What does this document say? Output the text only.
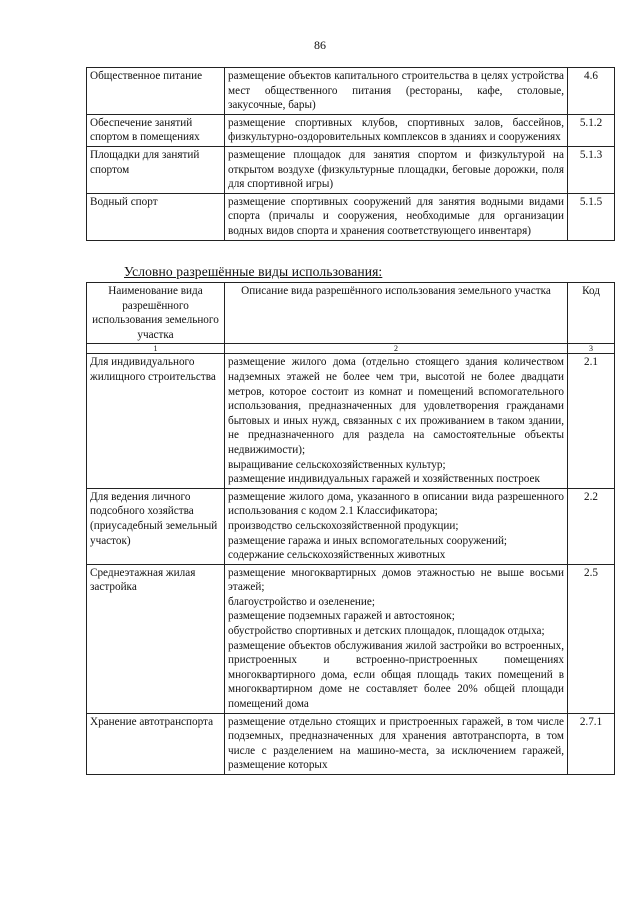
86
Общественное питание	размещение объектов капитального строительства в целях устройства мест общественного питания (рестораны, кафе, столовые, закусочные, бары)	4.6
Обеспечение занятий спортом в помещениях	размещение спортивных клубов, спортивных залов, бассейнов, физкультурно-оздоровительных комплексов в зданиях и сооружениях	5.1.2
Площадки для занятий спортом	размещение площадок для занятия спортом и физкультурой на открытом воздухе (физкультурные площадки, беговые дорожки, поля для спортивной игры)	5.1.3
Водный спорт	размещение спортивных сооружений для занятия водными видами спорта (причалы и сооружения, необходимые для организации водных видов спорта и хранения соответствующего инвентаря)	5.1.5
Условно разрешённые виды использования:
Наименование вида разрешённого использования земельного участка	Описание вида разрешённого использования земельного участка	Код
1	2	3
Для индивидуального жилищного строительства	размещение жилого дома (отдельно стоящего здания количеством надземных этажей не более чем три, высотой не более двадцати метров, которое состоит из комнат и помещений вспомогательного использования, предназначенных для удовлетворения гражданами бытовых и иных нужд, связанных с их проживанием в таком здании, не предназначенного для раздела на самостоятельные объекты недвижимости);
выращивание сельскохозяйственных культур;
размещение индивидуальных гаражей и хозяйственных построек	2.1
Для ведения личного подсобного хозяйства (приусадебный земельный участок)	размещение жилого дома, указанного в описании вида разрешенного использования с кодом 2.1 Классификатора;
производство сельскохозяйственной продукции;
размещение гаража и иных вспомогательных сооружений;
содержание сельскохозяйственных животных	2.2
Среднеэтажная жилая застройка	размещение многоквартирных домов этажностью не выше восьми этажей;
благоустройство и озеленение;
размещение подземных гаражей и автостоянок;
обустройство спортивных и детских площадок, площадок отдыха;
размещение объектов обслуживания жилой застройки во встроенных, пристроенных и встроенно-пристроенных помещениях многоквартирного дома, если общая площадь таких помещений в многоквартирном доме не составляет более 20% общей площади помещений дома	2.5
Хранение автотранспорта	размещение отдельно стоящих и пристроенных гаражей, в том числе подземных, предназначенных для хранения автотранспорта, в том числе с разделением на машино-места, за исключением гаражей, размещение которых	2.7.1
